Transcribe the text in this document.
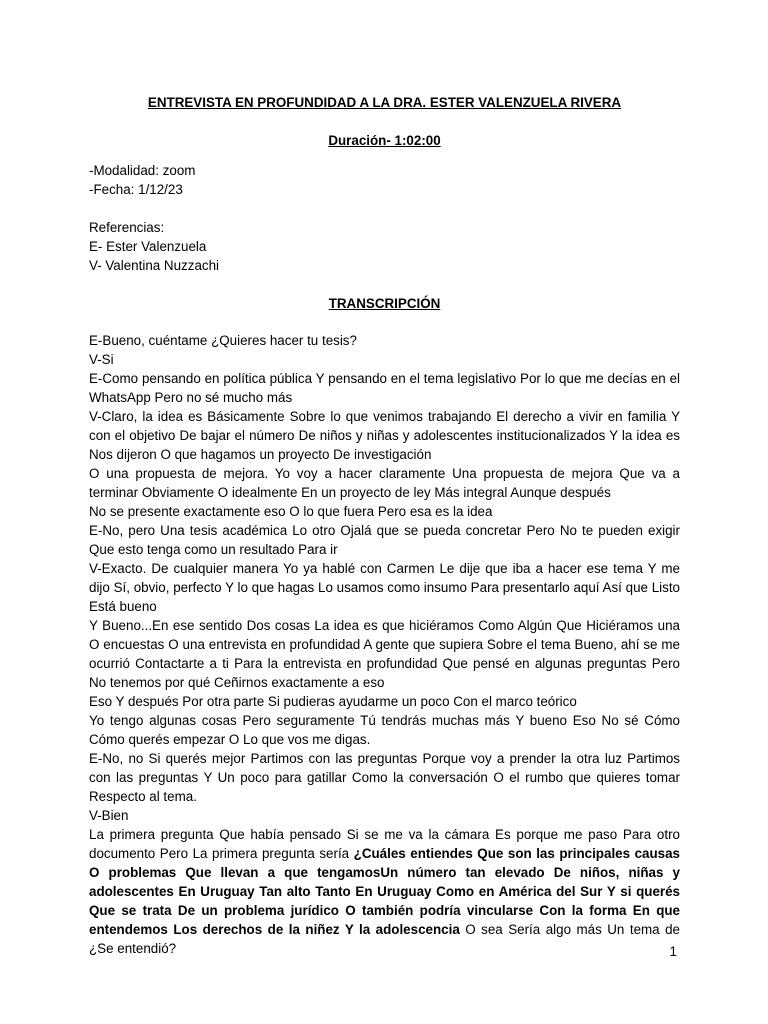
ENTREVISTA EN PROFUNDIDAD A LA DRA. ESTER VALENZUELA RIVERA

Duración- 1:02:00

-Modalidad: zoom

-Fecha: 1/12/23

Referencias:

E- Ester Valenzuela

V- Valentina Nuzzachi

TRANSCRIPCIÓN

E-Bueno, cuéntame ¿Quieres hacer tu tesis?

V-Si

E-Como pensando en política pública Y pensando en el tema legislativo Por lo que me decías en el WhatsApp Pero no sé mucho más

V-Claro, la idea es Básicamente Sobre lo que venimos trabajando El derecho a vivir en familia Y con el objetivo De bajar el número De niños y niñas y adolescentes institucionalizados Y la idea es Nos dijeron O que hagamos un proyecto De investigación

O una propuesta de mejora. Yo voy a hacer claramente Una propuesta de mejora Que va a terminar Obviamente O idealmente En un proyecto de ley Más integral Aunque después

No se presente exactamente eso O lo que fuera Pero esa es la idea

E-No, pero Una tesis académica Lo otro Ojalá que se pueda concretar Pero No te pueden exigir Que esto tenga como un resultado Para ir

V-Exacto. De cualquier manera Yo ya hablé con Carmen Le dije que iba a hacer ese tema Y me dijo Sí, obvio, perfecto Y lo que hagas Lo usamos como insumo Para presentarlo aquí Así que Listo Está bueno

Y Bueno...En ese sentido Dos cosas La idea es que hiciéramos Como Algún Que Hiciéramos una O encuestas O una entrevista en profundidad A gente que supiera Sobre el tema Bueno, ahí se me ocurrió Contactarte a ti Para la entrevista en profundidad Que pensé en algunas preguntas Pero No tenemos por qué Ceñirnos exactamente a eso

Eso Y después Por otra parte Si pudieras ayudarme un poco Con el marco teórico

Yo tengo algunas cosas Pero seguramente Tú tendrás muchas más Y bueno Eso No sé Cómo Cómo querés empezar O Lo que vos me digas.

E-No, no Si querés mejor Partimos con las preguntas Porque voy a prender la otra luz Partimos con las preguntas Y Un poco para gatillar Como la conversación O el rumbo que quieres tomar Respecto al tema.

V-Bien

La primera pregunta Que había pensado Si se me va la cámara Es porque me paso Para otro documento Pero La primera pregunta sería ¿Cuáles entiendes Que son las principales causas O problemas Que llevan a que tengamosUn número tan elevado De niños, niñas y adolescentes En Uruguay Tan alto Tanto En Uruguay Como en América del Sur Y si querés Que se trata De un problema jurídico O también podría vincularse Con la forma En que entendemos Los derechos de la niñez Y la adolescencia O sea Sería algo más Un tema de ¿Se entendió?	1
